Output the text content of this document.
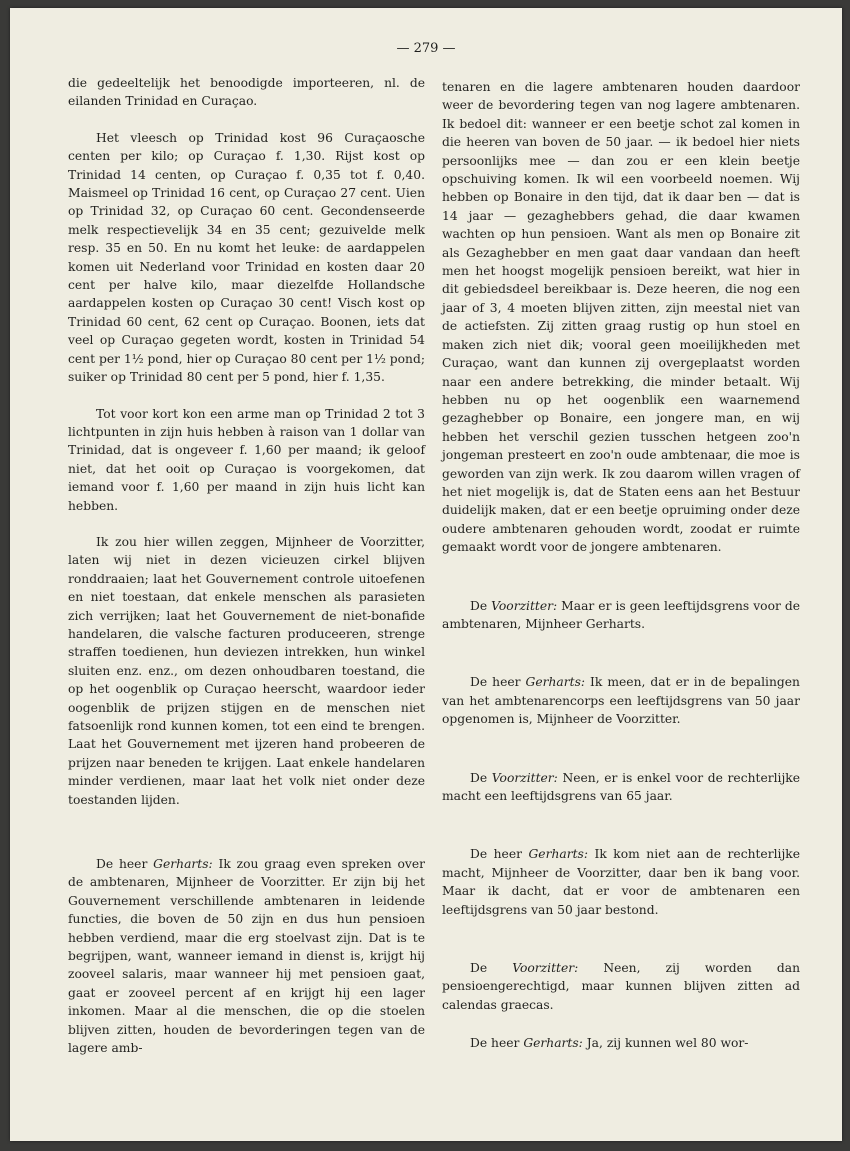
— 279 —

die gedeeltelijk het benoodigde importeeren, nl. de eilanden Trinidad en Curaçao.

Het vleesch op Trinidad kost 96 Curaçaosche centen per kilo; op Curaçao f. 1,30. Rijst kost op Trinidad 14 centen, op Curaçao f. 0,35 tot f. 0,40. Maismeel op Trinidad 16 cent, op Curaçao 27 cent. Uien op Trinidad 32, op Curaçao 60 cent. Gecondenseerde melk respectievelijk 34 en 35 cent; gezuivelde melk resp. 35 en 50. En nu komt het leuke: de aardappelen komen uit Nederland voor Trinidad en kosten daar 20 cent per halve kilo, maar diezelfde Hollandsche aardappelen kosten op Curaçao 30 cent! Visch kost op Trinidad 60 cent, 62 cent op Curaçao. Boonen, iets dat veel op Curaçao gegeten wordt, kosten in Trinidad 54 cent per 1½ pond, hier op Curaçao 80 cent per 1½ pond; suiker op Trinidad 80 cent per 5 pond, hier f. 1,35.

Tot voor kort kon een arme man op Trinidad 2 tot 3 lichtpunten in zijn huis hebben à raison van 1 dollar van Trinidad, dat is ongeveer f. 1,60 per maand; ik geloof niet, dat het ooit op Curaçao is voorgekomen, dat iemand voor f. 1,60 per maand in zijn huis licht kan hebben.

Ik zou hier willen zeggen, Mijnheer de Voorzitter, laten wij niet in dezen vicieuzen cirkel blijven ronddraaien; laat het Gouvernement controle uitoefenen en niet toestaan, dat enkele menschen als parasieten zich verrijken; laat het Gouvernement de niet-bonafide handelaren, die valsche facturen produceeren, strenge straffen toedienen, hun deviezen intrekken, hun winkel sluiten enz. enz., om dezen onhoudbaren toestand, die op het oogenblik op Curaçao heerscht, waardoor ieder oogenblik de prijzen stijgen en de menschen niet fatsoenlijk rond kunnen komen, tot een eind te brengen. Laat het Gouvernement met ijzeren hand probeeren de prijzen naar beneden te krijgen. Laat enkele handelaren minder verdienen, maar laat het volk niet onder deze toestanden lijden.

De heer Gerharts: Ik zou graag even spreken over de ambtenaren, Mijnheer de Voorzitter. Er zijn bij het Gouvernement verschillende ambtenaren in leidende functies, die boven de 50 zijn en dus hun pensioen hebben verdiend, maar die erg stoelvast zijn. Dat is te begrijpen, want, wanneer iemand in dienst is, krijgt hij zooveel salaris, maar wanneer hij met pensioen gaat, gaat er zooveel percent af en krijgt hij een lager inkomen. Maar al die menschen, die op die stoelen blijven zitten, houden de bevorderingen tegen van de lagere amb-

tenaren en die lagere ambtenaren houden daardoor weer de bevordering tegen van nog lagere ambtenaren. Ik bedoel dit: wanneer er een beetje schot zal komen in die heeren van boven de 50 jaar. — ik bedoel hier niets persoonlijks mee — dan zou er een klein beetje opschuiving komen. Ik wil een voorbeeld noemen. Wij hebben op Bonaire in den tijd, dat ik daar ben — dat is 14 jaar — gezaghebbers gehad, die daar kwamen wachten op hun pensioen. Want als men op Bonaire zit als Gezaghebber en men gaat daar vandaan dan heeft men het hoogst mogelijk pensioen bereikt, wat hier in dit gebiedsdeel bereikbaar is. Deze heeren, die nog een jaar of 3, 4 moeten blijven zitten, zijn meestal niet van de actiefsten. Zij zitten graag rustig op hun stoel en maken zich niet dik; vooral geen moeilijkheden met Curaçao, want dan kunnen zij overgeplaatst worden naar een andere betrekking, die minder betaalt. Wij hebben nu op het oogenblik een waarnemend gezaghebber op Bonaire, een jongere man, en wij hebben het verschil gezien tusschen hetgeen zoo'n jongeman presteert en zoo'n oude ambtenaar, die moe is geworden van zijn werk. Ik zou daarom willen vragen of het niet mogelijk is, dat de Staten eens aan het Bestuur duidelijk maken, dat er een beetje opruiming onder deze oudere ambtenaren gehouden wordt, zoodat er ruimte gemaakt wordt voor de jongere ambtenaren.

De Voorzitter: Maar er is geen leeftijdsgrens voor de ambtenaren, Mijnheer Gerharts.

De heer Gerharts: Ik meen, dat er in de bepalingen van het ambtenarencorps een leeftijdsgrens van 50 jaar opgenomen is, Mijnheer de Voorzitter.

De Voorzitter: Neen, er is enkel voor de rechterlijke macht een leeftijdsgrens van 65 jaar.

De heer Gerharts: Ik kom niet aan de rechterlijke macht, Mijnheer de Voorzitter, daar ben ik bang voor. Maar ik dacht, dat er voor de ambtenaren een leeftijdsgrens van 50 jaar bestond.

De Voorzitter: Neen, zij worden dan pensioengerechtigd, maar kunnen blijven zitten ad calendas graecas.

De heer Gerharts: Ja, zij kunnen wel 80 wor-
